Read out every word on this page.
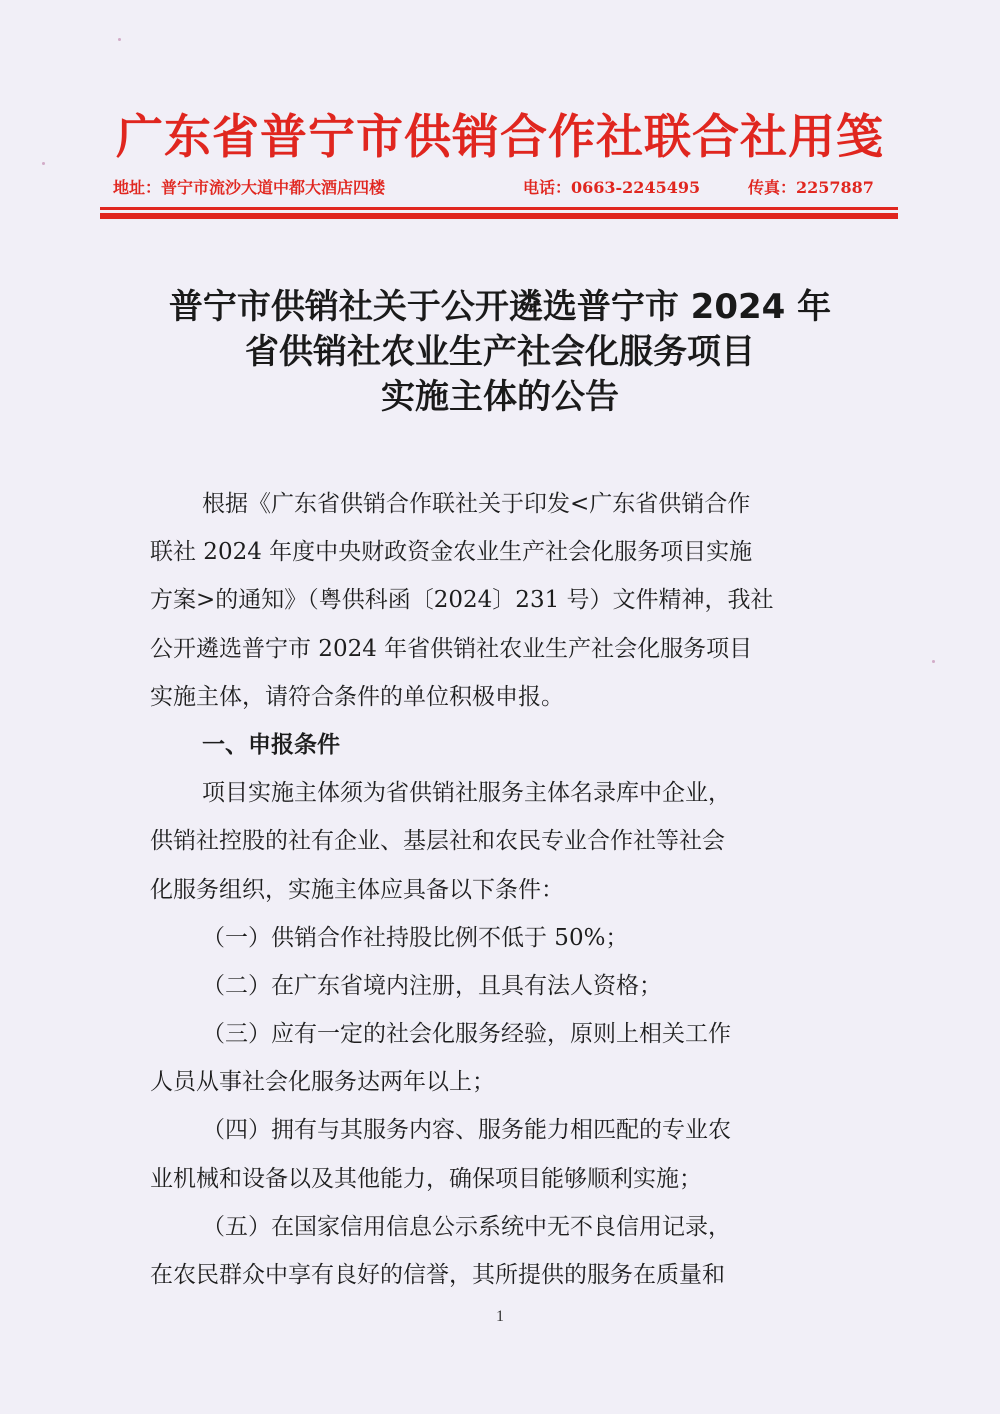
广东省普宁市供销合作社联合社用笺
地址：普宁市流沙大道中都大酒店四楼	电话：0663-2245495	传真：2257887
普宁市供销社关于公开遴选普宁市 2024 年
省供销社农业生产社会化服务项目
实施主体的公告
根据《广东省供销合作联社关于印发<广东省供销合作
联社 2024 年度中央财政资金农业生产社会化服务项目实施
方案>的通知》（粤供科函〔2024〕231 号）文件精神，我社
公开遴选普宁市 2024 年省供销社农业生产社会化服务项目
实施主体，请符合条件的单位积极申报。
一、申报条件
项目实施主体须为省供销社服务主体名录库中企业，
供销社控股的社有企业、基层社和农民专业合作社等社会
化服务组织，实施主体应具备以下条件：
（一）供销合作社持股比例不低于 50%；
（二）在广东省境内注册，且具有法人资格；
（三）应有一定的社会化服务经验，原则上相关工作
人员从事社会化服务达两年以上；
（四）拥有与其服务内容、服务能力相匹配的专业农
业机械和设备以及其他能力，确保项目能够顺利实施；
（五）在国家信用信息公示系统中无不良信用记录，
在农民群众中享有良好的信誉，其所提供的服务在质量和
1
